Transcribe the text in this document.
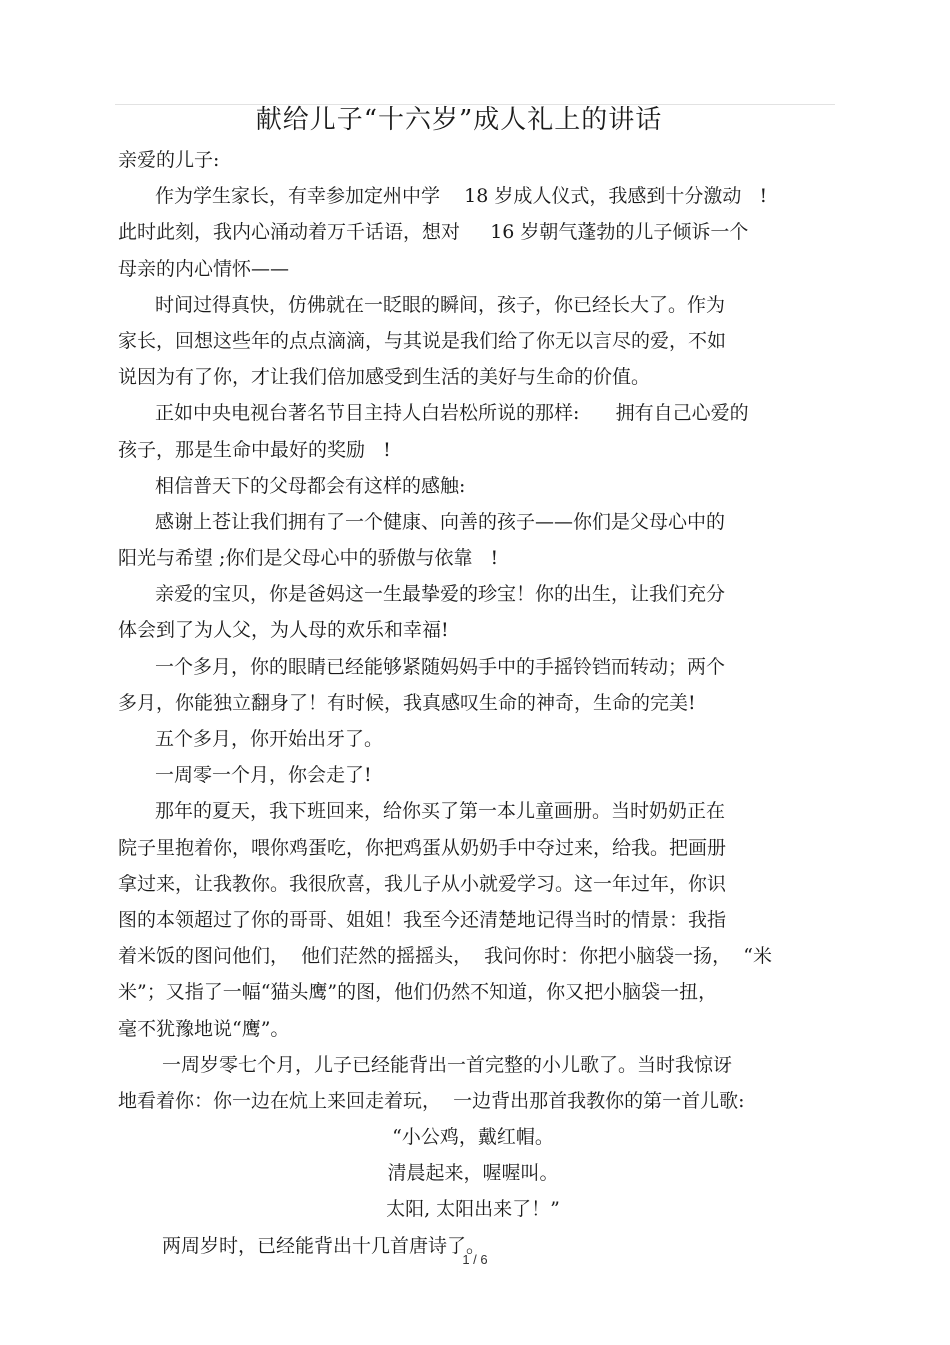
献给儿子“十六岁”成人礼上的讲话
亲爱的儿子:
作为学生家长，有幸参加定州中学    18 岁成人仪式，我感到十分激动   !
此时此刻，我内心涌动着万千话语，想对     16 岁朝气蓬勃的儿子倾诉一个
母亲的内心情怀——
时间过得真快，仿佛就在一眨眼的瞬间，孩子，你已经长大了。作为
家长，回想这些年的点点滴滴，与其说是我们给了你无以言尽的爱，不如
说因为有了你，才让我们倍加感受到生活的美好与生命的价值。
正如中央电视台著名节目主持人白岩松所说的那样:      拥有自己心爱的
孩子，那是生命中最好的奖励   !
相信普天下的父母都会有这样的感触:
感谢上苍让我们拥有了一个健康、向善的孩子——你们是父母心中的
阳光与希望 ;你们是父母心中的骄傲与依靠   !
亲爱的宝贝，你是爸妈这一生最挚爱的珍宝！你的出生，让我们充分
体会到了为人父，为人母的欢乐和幸福!
一个多月，你的眼睛已经能够紧随妈妈手中的手摇铃铛而转动；两个
多月，你能独立翻身了！有时候，我真感叹生命的神奇，生命的完美!
五个多月，你开始出牙了。
一周零一个月，你会走了!
那年的夏天，我下班回来，给你买了第一本儿童画册。当时奶奶正在
院子里抱着你，喂你鸡蛋吃，你把鸡蛋从奶奶手中夺过来，给我。把画册
拿过来，让我教你。我很欣喜，我儿子从小就爱学习。这一年过年，你识
图的本领超过了你的哥哥、姐姐！我至今还清楚地记得当时的情景：我指
着米饭的图问他们，  他们茫然的摇摇头，  我问你时：你把小脑袋一扬，  “米
米”；又指了一幅“猫头鹰”的图，他们仍然不知道，你又把小脑袋一扭，
毫不犹豫地说“鹰”。
一周岁零七个月，儿子已经能背出一首完整的小儿歌了。当时我惊讶
地看着你：你一边在炕上来回走着玩，  一边背出那首我教你的第一首儿歌:
“小公鸡，戴红帽。
清晨起来，喔喔叫。
太阳, 太阳出来了！”
两周岁时，已经能背出十几首唐诗了。
1 / 6
